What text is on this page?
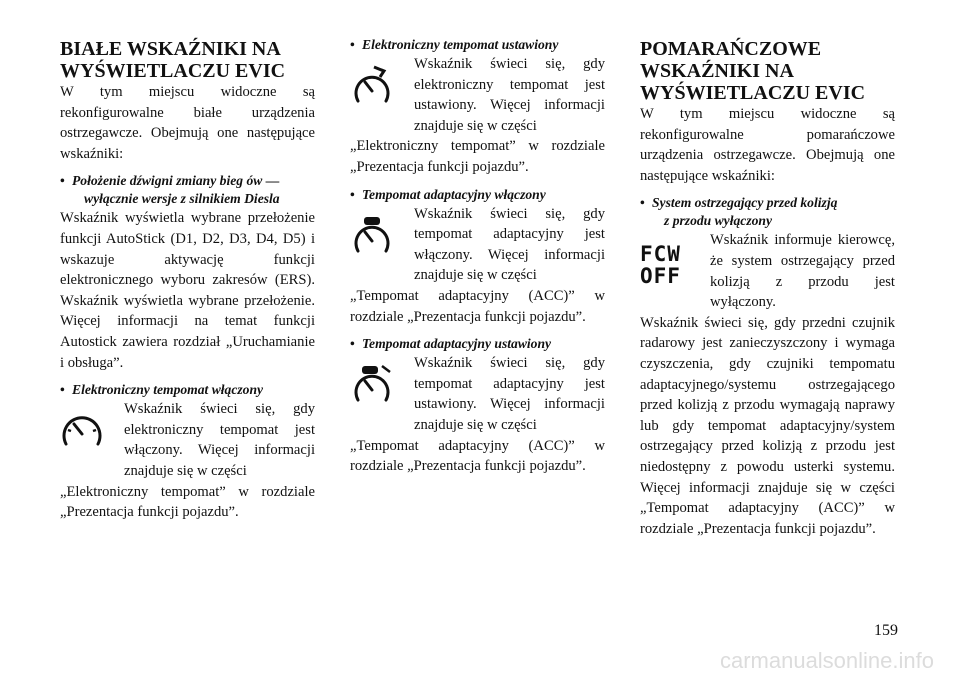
BIAŁE WSKAŹNIKI NA WYŚWIETLACZU EVIC

W tym miejscu widoczne są rekonfigurowalne białe urządzenia ostrzegawcze. Obejmują one następujące wskaźniki:

• Położenie dźwigni zmiany bieg ów —
wyłącznie wersje z silnikiem Diesla

Wskaźnik wyświetla wybrane przełożenie funkcji AutoStick (D1, D2, D3, D4, D5) i wskazuje aktywację funkcji elektronicznego wyboru zakresów (ERS). Wskaźnik wyświetla wybrane przełożenie. Więcej informacji na temat funkcji Autostick zawiera rozdział „Uruchamianie i obsługa”.

• Elektroniczny tempomat włączony

Wskaźnik świeci się, gdy elektroniczny tempomat jest włączony. Więcej informacji znajduje się w części

„Elektroniczny tempomat” w rozdziale „Prezentacja funkcji pojazdu”.

• Elektroniczny tempomat ustawiony

Wskaźnik świeci się, gdy elektroniczny tempomat jest ustawiony. Więcej informacji znajduje się w części

„Elektroniczny tempomat” w rozdziale „Prezentacja funkcji pojazdu”.

• Tempomat adaptacyjny włączony

Wskaźnik świeci się, gdy tempomat adaptacyjny jest włączony. Więcej informacji znajduje się w części

„Tempomat adaptacyjny (ACC)” w rozdziale „Prezentacja funkcji pojazdu”.

• Tempomat adaptacyjny ustawiony

Wskaźnik świeci się, gdy tempomat adaptacyjny jest ustawiony. Więcej informacji znajduje się w części

„Tempomat adaptacyjny (ACC)” w rozdziale „Prezentacja funkcji pojazdu”.

POMARAŃCZOWE WSKAŹNIKI NA WYŚWIETLACZU EVIC

W tym miejscu widoczne są rekonfigurowalne pomarańczowe urządzenia ostrzegawcze. Obejmują one następujące wskaźniki:

• System ostrzegający przed kolizją
z przodu wyłączony
FCW
OFF

Wskaźnik informuje kierowcę, że system ostrzegający przed kolizją z przodu jest wyłączony.

Wskaźnik świeci się, gdy przedni czujnik radarowy jest zanieczyszczony i wymaga czyszczenia, gdy czujniki tempomatu adaptacyjnego/systemu ostrzegającego przed kolizją z przodu wymagają naprawy lub gdy tempomat adaptacyjny/system ostrzegający przed kolizją z przodu jest niedostępny z powodu usterki systemu. Więcej informacji znajduje się w części „Tempomat adaptacyjny (ACC)” w rozdziale „Prezentacja funkcji pojazdu”.

159
carmanualsonline.info
